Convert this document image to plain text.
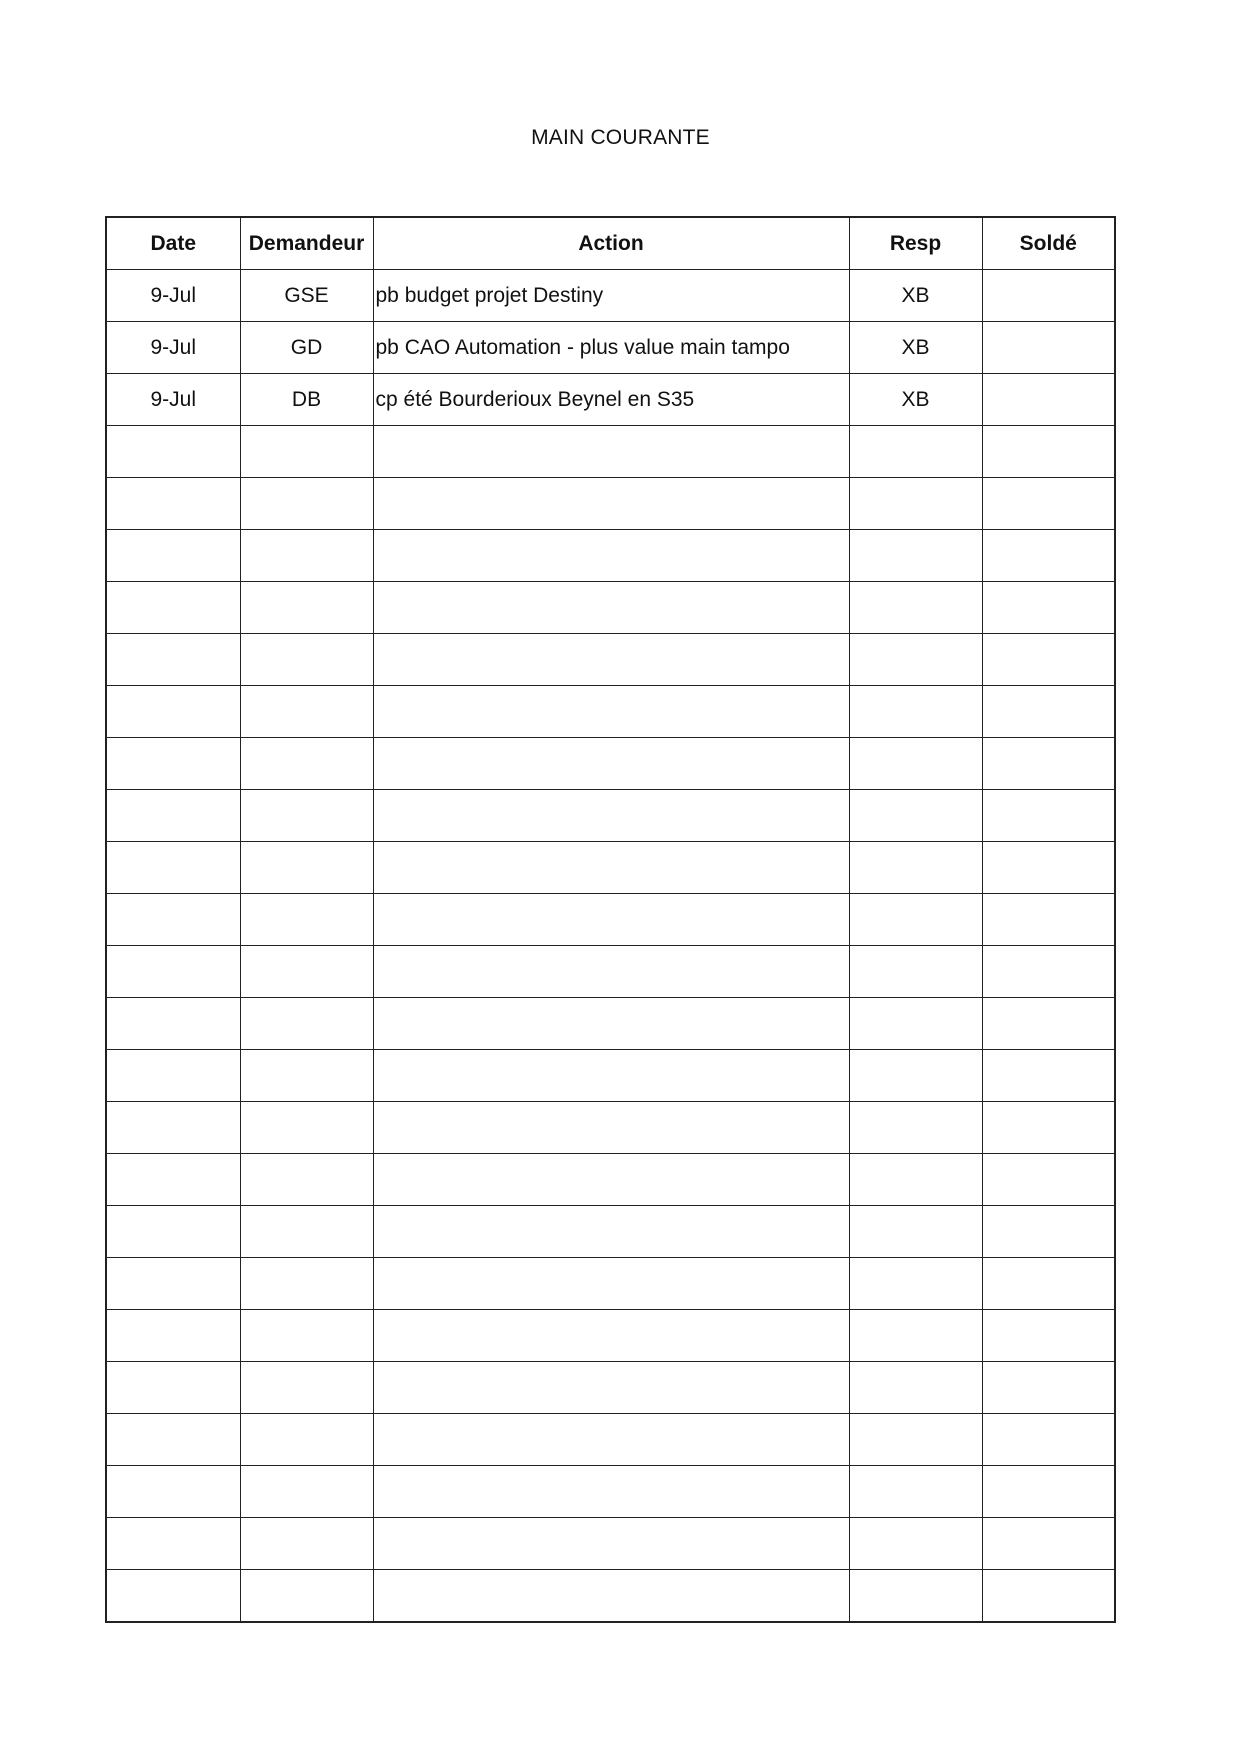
MAIN COURANTE
Date	Demandeur	Action	Resp	Soldé
9-Jul	GSE	pb budget projet Destiny	XB	
9-Jul	GD	pb CAO Automation - plus value main tampo	XB	
9-Jul	DB	cp été Bourderioux Beynel en S35	XB	
